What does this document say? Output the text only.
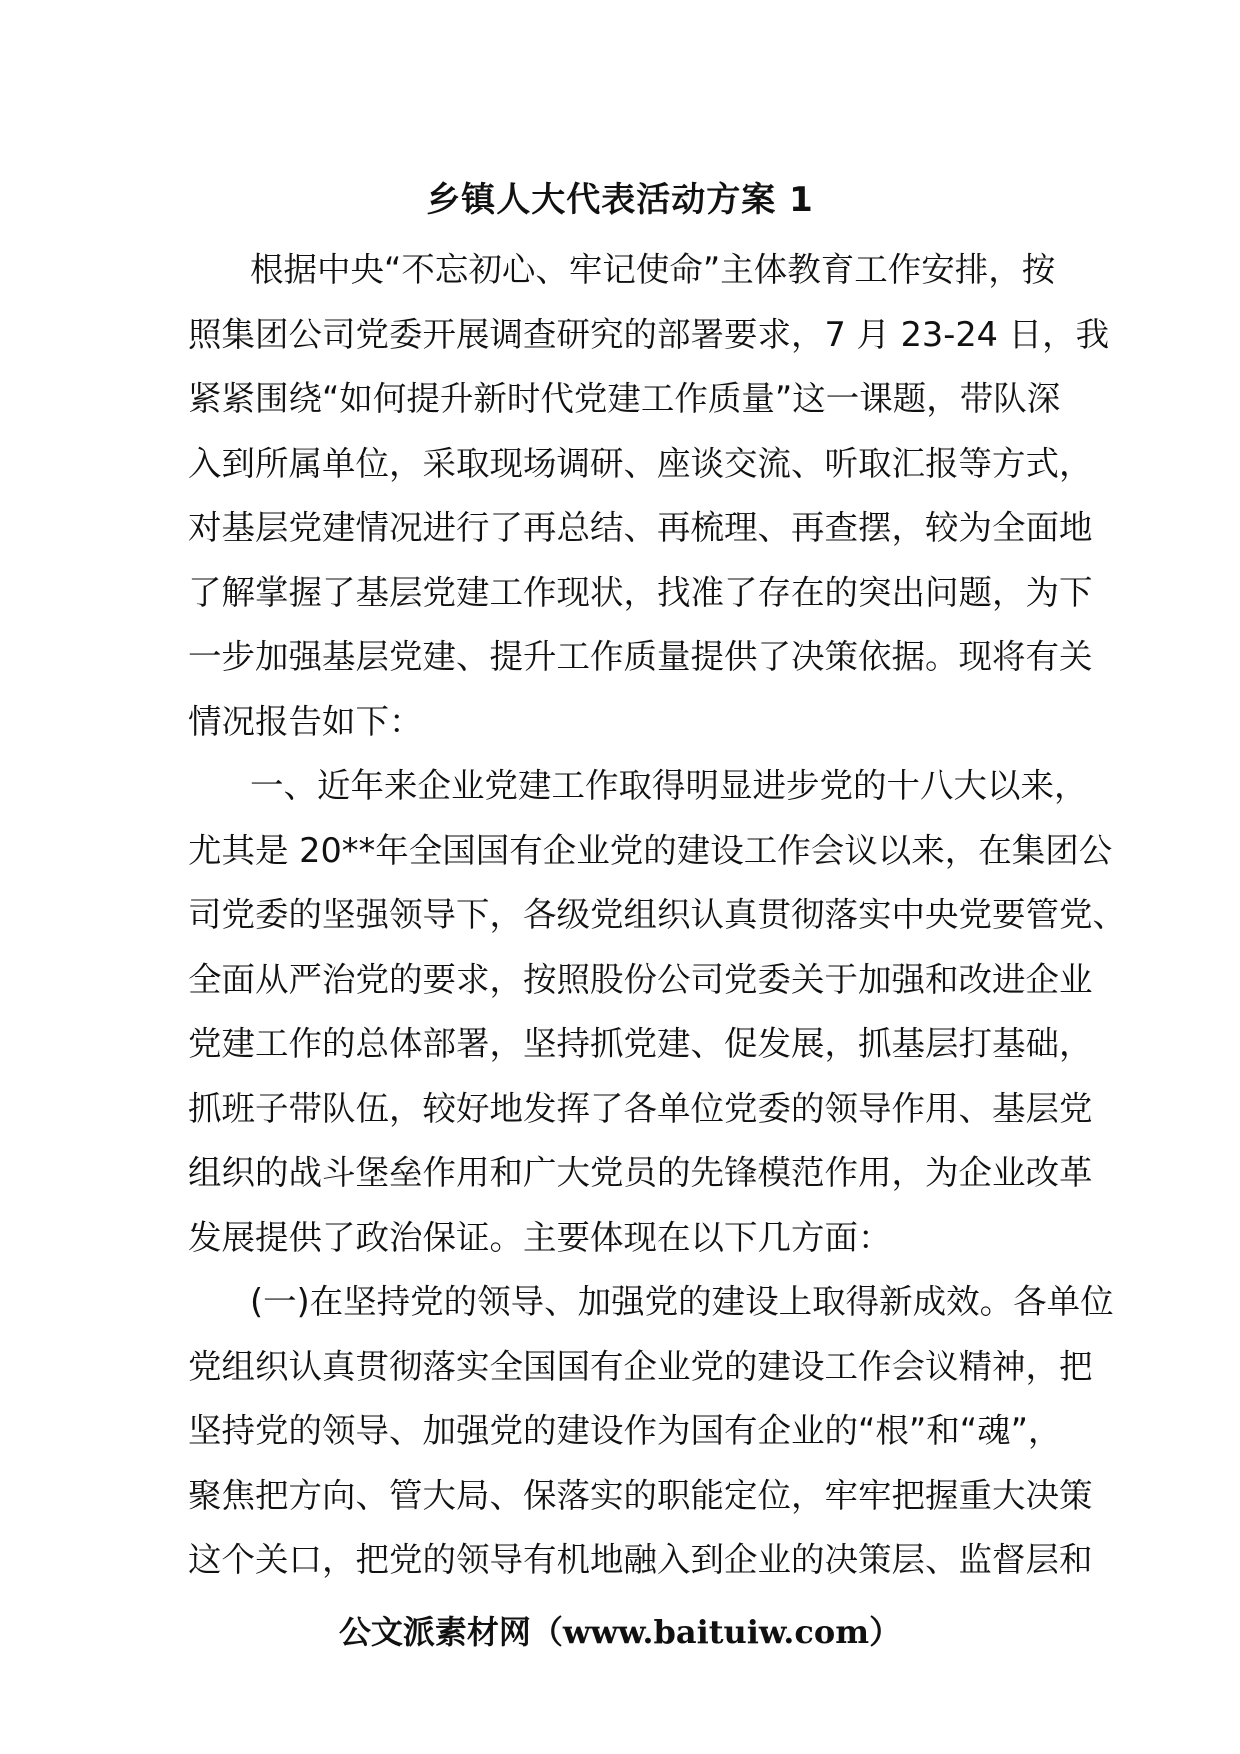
乡镇人大代表活动方案 1
根据中央“不忘初心、牢记使命”主体教育工作安排，按
照集团公司党委开展调查研究的部署要求，7 月 23-24 日，我
紧紧围绕“如何提升新时代党建工作质量”这一课题，带队深
入到所属单位，采取现场调研、座谈交流、听取汇报等方式，
对基层党建情况进行了再总结、再梳理、再查摆，较为全面地
了解掌握了基层党建工作现状，找准了存在的突出问题，为下
一步加强基层党建、提升工作质量提供了决策依据。现将有关
情况报告如下：
一、近年来企业党建工作取得明显进步党的十八大以来，
尤其是 20**年全国国有企业党的建设工作会议以来，在集团公
司党委的坚强领导下，各级党组织认真贯彻落实中央党要管党、
全面从严治党的要求，按照股份公司党委关于加强和改进企业
党建工作的总体部署，坚持抓党建、促发展，抓基层打基础，
抓班子带队伍，较好地发挥了各单位党委的领导作用、基层党
组织的战斗堡垒作用和广大党员的先锋模范作用，为企业改革
发展提供了政治保证。主要体现在以下几方面：
(一)在坚持党的领导、加强党的建设上取得新成效。各单位
党组织认真贯彻落实全国国有企业党的建设工作会议精神，把
坚持党的领导、加强党的建设作为国有企业的“根”和“魂”，
聚焦把方向、管大局、保落实的职能定位，牢牢把握重大决策
这个关口，把党的领导有机地融入到企业的决策层、监督层和
公文派素材网（www.baituiw.com）
